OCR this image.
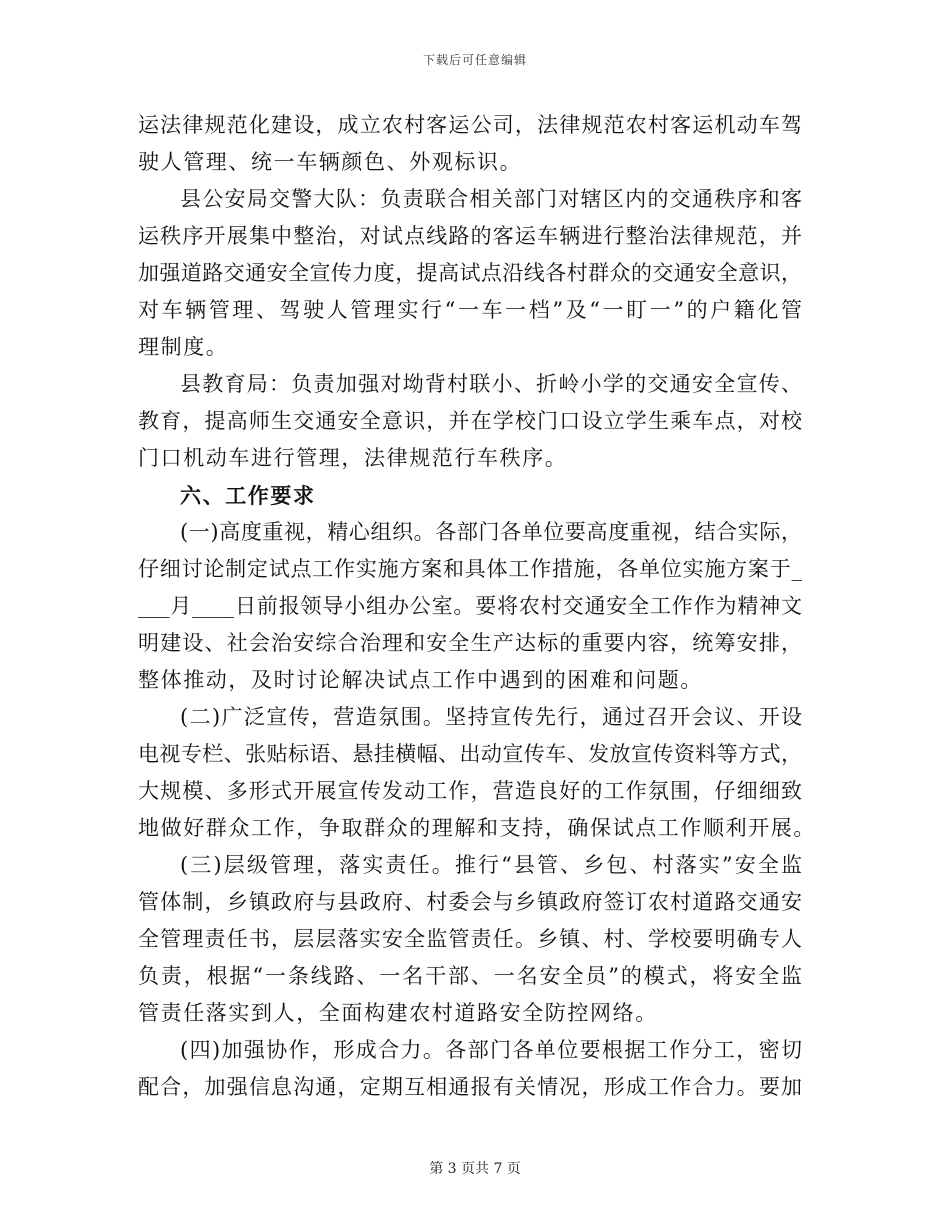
下载后可任意编辑
运法律规范化建设，成立农村客运公司，法律规范农村客运机动车驾
驶人管理、统一车辆颜色、外观标识。
县公安局交警大队：负责联合相关部门对辖区内的交通秩序和客
运秩序开展集中整治，对试点线路的客运车辆进行整治法律规范，并
加强道路交通安全宣传力度，提高试点沿线各村群众的交通安全意识，
对车辆管理、驾驶人管理实行“一车一档”及“一盯一”的户籍化管
理制度。
县教育局：负责加强对坳背村联小、折岭小学的交通安全宣传、
教育，提高师生交通安全意识，并在学校门口设立学生乘车点，对校
门口机动车进行管理，法律规范行车秩序。
六、工作要求
(一)高度重视，精心组织。各部门各单位要高度重视，结合实际，
仔细讨论制定试点工作实施方案和具体工作措施，各单位实施方案于_
___月____日前报领导小组办公室。要将农村交通安全工作作为精神文
明建设、社会治安综合治理和安全生产达标的重要内容，统筹安排，
整体推动，及时讨论解决试点工作中遇到的困难和问题。
(二)广泛宣传，营造氛围。坚持宣传先行，通过召开会议、开设
电视专栏、张贴标语、悬挂横幅、出动宣传车、发放宣传资料等方式，
大规模、多形式开展宣传发动工作，营造良好的工作氛围，仔细细致
地做好群众工作，争取群众的理解和支持，确保试点工作顺利开展。
(三)层级管理，落实责任。推行“县管、乡包、村落实”安全监
管体制，乡镇政府与县政府、村委会与乡镇政府签订农村道路交通安
全管理责任书，层层落实安全监管责任。乡镇、村、学校要明确专人
负责，根据“一条线路、一名干部、一名安全员”的模式，将安全监
管责任落实到人，全面构建农村道路安全防控网络。
(四)加强协作，形成合力。各部门各单位要根据工作分工，密切
配合，加强信息沟通，定期互相通报有关情况，形成工作合力。要加
第 3 页共 7 页
